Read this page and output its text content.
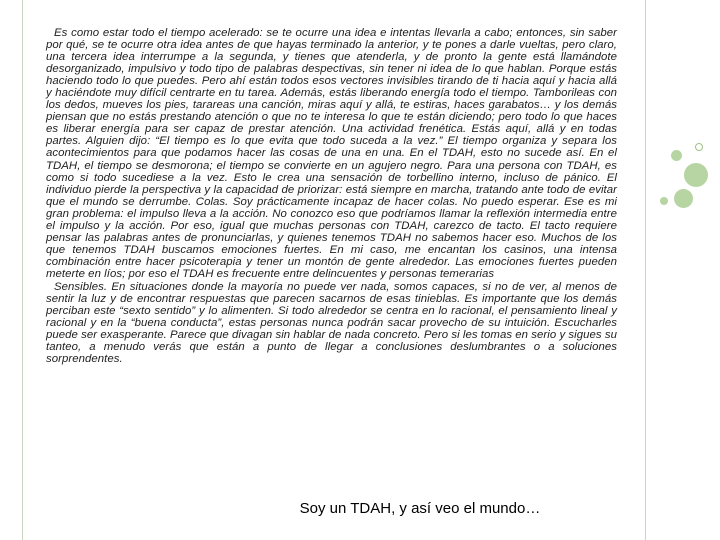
Es como estar todo el tiempo acelerado: se te ocurre una idea e intentas llevarla a cabo; entonces, sin saber por qué, se te ocurre otra idea antes de que hayas terminado la anterior, y te pones a darle vueltas, pero claro, una tercera idea interrumpe a la segunda, y tienes que atenderla, y de pronto la gente está llamándote desorganizado, impulsivo y todo tipo de palabras despectivas, sin tener ni idea de lo que hablan. Porque estás haciendo todo lo que puedes. Pero ahí están todos esos vectores invisibles tirando de ti hacia aquí y hacia allá y haciéndote muy difícil centrarte en tu tarea. Además, estás liberando energía todo el tiempo. Tamborileas con los dedos, mueves los pies, tarareas una canción, miras aquí y allá, te estiras, haces garabatos… y los demás piensan que no estás prestando atención o que no te interesa lo que te están diciendo; pero todo lo que haces es liberar energía para ser capaz de prestar atención. Una actividad frenética. Estás aquí, allá y en todas partes. Alguien dijo: “El tiempo es lo que evita que todo suceda a la vez.” El tiempo organiza y separa los acontecimientos para que podamos hacer las cosas de una en una. En el TDAH, esto no sucede así. En el TDAH, el tiempo se desmorona; el tiempo se convierte en un agujero negro. Para una persona con TDAH, es como si todo sucediese a la vez. Esto le crea una sensación de torbellino interno, incluso de pánico. El individuo pierde la perspectiva y la capacidad de priorizar: está siempre en marcha, tratando ante todo de evitar que el mundo se derrumbe. Colas. Soy prácticamente incapaz de hacer colas. No puedo esperar. Ese es mi gran problema: el impulso lleva a la acción. No conozco eso que podríamos llamar la reflexión intermedia entre el impulso y la acción. Por eso, igual que muchas personas con TDAH, carezco de tacto. El tacto requiere pensar las palabras antes de pronunciarlas, y quienes tenemos TDAH no sabemos hacer eso. Muchos de los que tenemos TDAH buscamos emociones fuertes. En mi caso, me encantan los casinos, una intensa combinación entre hacer psicoterapia y tener un montón de gente alrededor. Las emociones fuertes pueden meterte en líos; por eso el TDAH es frecuente entre delincuentes y personas temerarias

Sensibles. En situaciones donde la mayoría no puede ver nada, somos capaces, si no de ver, al menos de sentir la luz y de encontrar respuestas que parecen sacarnos de esas tinieblas. Es importante que los demás perciban este “sexto sentido” y lo alimenten. Si todo alrededor se centra en lo racional, el pensamiento lineal y racional y en la “buena conducta”, estas personas nunca podrán sacar provecho de su intuición. Escucharles puede ser exasperante. Parece que divagan sin hablar de nada concreto. Pero si les tomas en serio y sigues su tanteo, a menudo verás que están a punto de llegar a conclusiones deslumbrantes o a soluciones sorprendentes.

Soy un TDAH, y así veo el mundo…
